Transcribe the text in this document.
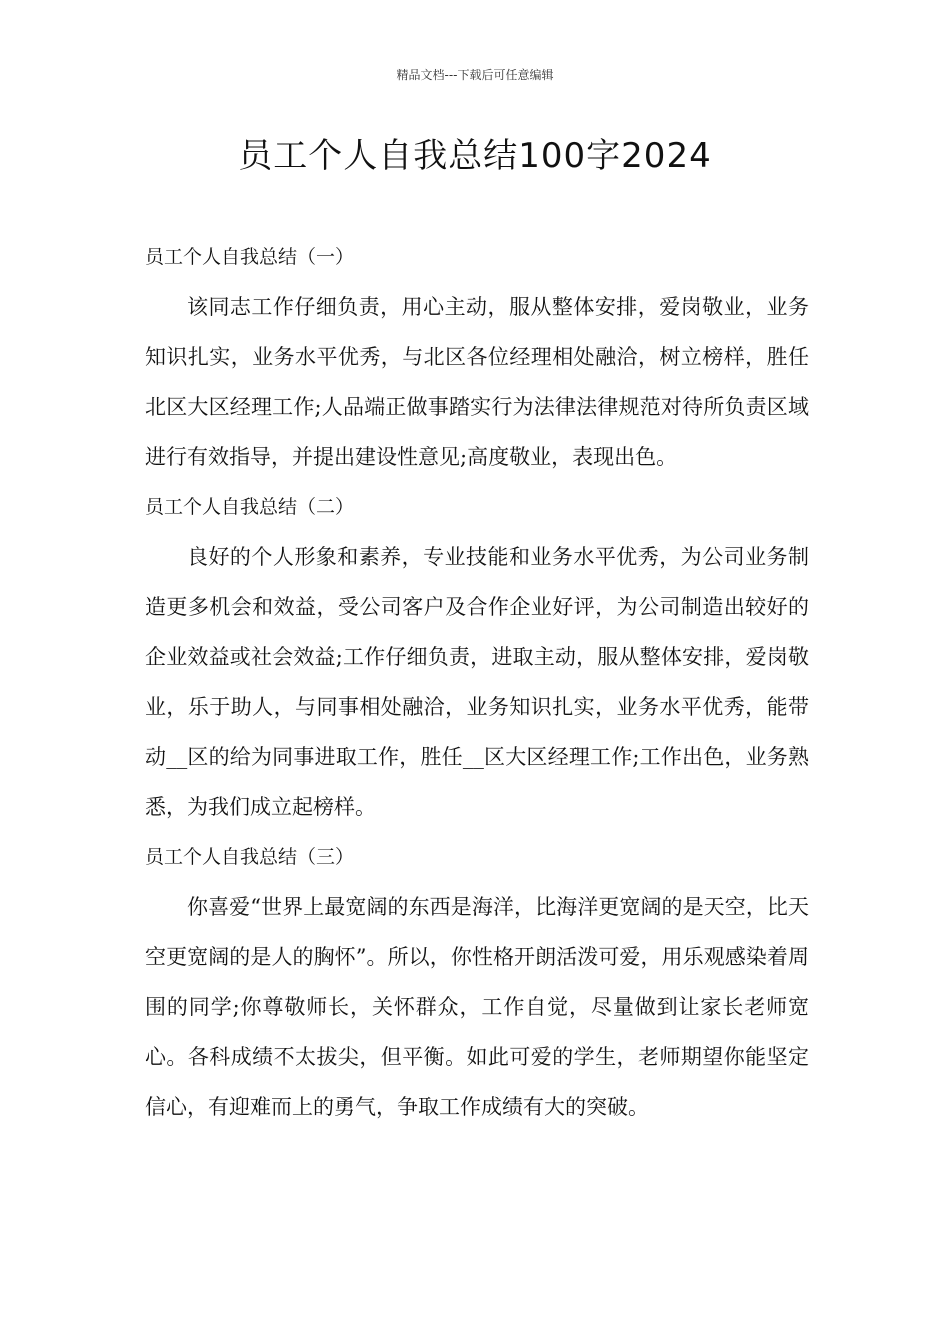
精品文档---下载后可任意编辑
员工个人自我总结100字2024
员工个人自我总结（一）

该同志工作仔细负责，用心主动，服从整体安排，爱岗敬业，业务知识扎实，业务水平优秀，与北区各位经理相处融洽，树立榜样，胜任北区大区经理工作;人品端正做事踏实行为法律法律规范对待所负责区域进行有效指导，并提出建设性意见;高度敬业，表现出色。

员工个人自我总结（二）

良好的个人形象和素养，专业技能和业务水平优秀，为公司业务制造更多机会和效益，受公司客户及合作企业好评，为公司制造出较好的企业效益或社会效益;工作仔细负责，进取主动，服从整体安排，爱岗敬业，乐于助人，与同事相处融洽，业务知识扎实，业务水平优秀，能带动__区的给为同事进取工作，胜任__区大区经理工作;工作出色，业务熟悉，为我们成立起榜样。

员工个人自我总结（三）

你喜爱“世界上最宽阔的东西是海洋，比海洋更宽阔的是天空，比天空更宽阔的是人的胸怀”。所以，你性格开朗活泼可爱，用乐观感染着周围的同学;你尊敬师长，关怀群众，工作自觉，尽量做到让家长老师宽心。各科成绩不太拔尖，但平衡。如此可爱的学生，老师期望你能坚定信心，有迎难而上的勇气，争取工作成绩有大的突破。
